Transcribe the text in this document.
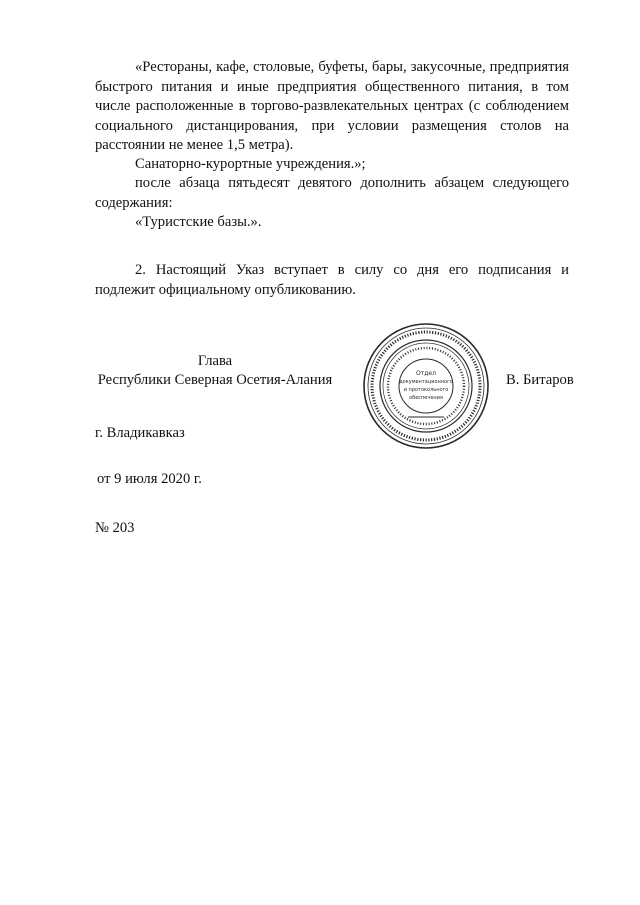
«Рестораны, кафе, столовые, буфеты, бары, закусочные, предприятия быстрого питания и иные предприятия общественного питания, в том числе расположенные в торгово-развлекательных центрах (с соблюдением социального дистанцирования, при условии размещения столов на расстоянии не менее 1,5 метра).

Санаторно-курортные учреждения.»;

после абзаца пятьдесят девятого дополнить абзацем следующего содержания:

«Туристские базы.».

2. Настоящий Указ вступает в силу со дня его подписания и подлежит официальному опубликованию.

Глава
Республики Северная Осетия-Алания	Отдел
документационного
и протокольного
обеспечения
В. Битаров
г. Владикавказ
от 9 июля 2020 г.
№ 203
